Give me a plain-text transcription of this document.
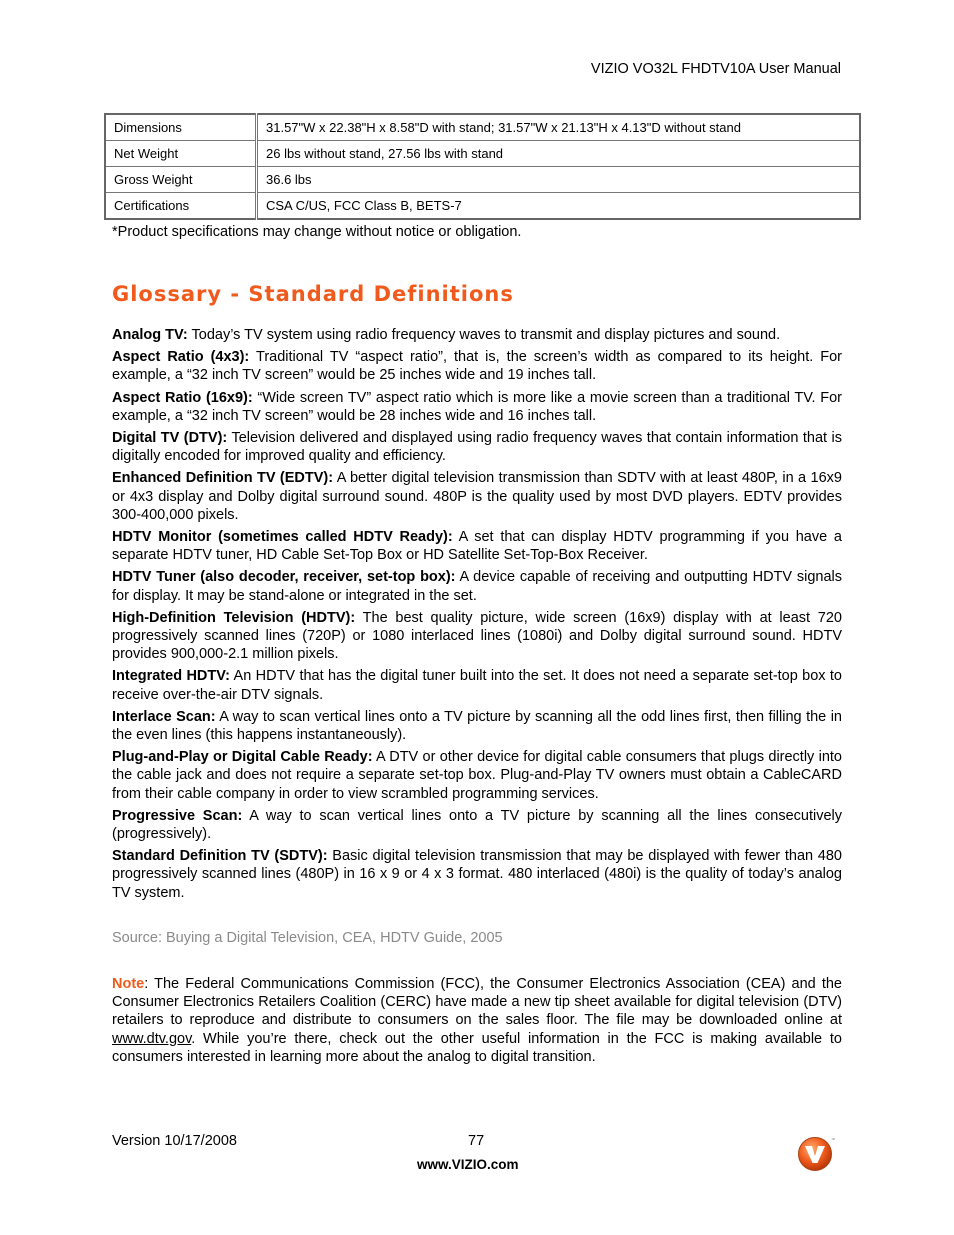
VIZIO VO32L FHDTV10A User Manual
Dimensions	31.57"W x 22.38"H x 8.58"D with stand; 31.57"W x 21.13"H x 4.13"D without stand
Net Weight	26 lbs without stand, 27.56 lbs with stand
Gross Weight	36.6 lbs
Certifications	CSA C/US, FCC Class B, BETS-7
*Product specifications may change without notice or obligation.
Glossary - Standard Definitions

Analog TV: Today’s TV system using radio frequency waves to transmit and display pictures and sound.

Aspect Ratio (4x3): Traditional TV “aspect ratio”, that is, the screen’s width as compared to its height. For example, a “32 inch TV screen” would be 25 inches wide and 19 inches tall.

Aspect Ratio (16x9): “Wide screen TV” aspect ratio which is more like a movie screen than a traditional TV. For example, a “32 inch TV screen” would be 28 inches wide and 16 inches tall.

Digital TV (DTV): Television delivered and displayed using radio frequency waves that contain information that is digitally encoded for improved quality and efficiency.

Enhanced Definition TV (EDTV): A better digital television transmission than SDTV with at least 480P, in a 16x9 or 4x3 display and Dolby digital surround sound. 480P is the quality used by most DVD players. EDTV provides 300-400,000 pixels.

HDTV Monitor (sometimes called HDTV Ready): A set that can display HDTV programming if you have a separate HDTV tuner, HD Cable Set-Top Box or HD Satellite Set-Top-Box Receiver.

HDTV Tuner (also decoder, receiver, set-top box): A device capable of receiving and outputting HDTV signals for display. It may be stand-alone or integrated in the set.

High-Definition Television (HDTV): The best quality picture, wide screen (16x9) display with at least 720 progressively scanned lines (720P) or 1080 interlaced lines (1080i) and Dolby digital surround sound. HDTV provides 900,000-2.1 million pixels.

Integrated HDTV: An HDTV that has the digital tuner built into the set. It does not need a separate set-top box to receive over-the-air DTV signals.

Interlace Scan: A way to scan vertical lines onto a TV picture by scanning all the odd lines first, then filling the in the even lines (this happens instantaneously).

Plug-and-Play or Digital Cable Ready: A DTV or other device for digital cable consumers that plugs directly into the cable jack and does not require a separate set-top box. Plug-and-Play TV owners must obtain a CableCARD from their cable company in order to view scrambled programming services.

Progressive Scan: A way to scan vertical lines onto a TV picture by scanning all the lines consecutively (progressively).

Standard Definition TV (SDTV): Basic digital television transmission that may be displayed with fewer than 480 progressively scanned lines (480P) in 16 x 9 or 4 x 3 format. 480 interlaced (480i) is the quality of today’s analog TV system.

Source: Buying a Digital Television, CEA, HDTV Guide, 2005
Note: The Federal Communications Commission (FCC), the Consumer Electronics Association (CEA) and the Consumer Electronics Retailers Coalition (CERC) have made a new tip sheet available for digital television (DTV) retailers to reproduce and distribute to consumers on the sales floor. The file may be downloaded online at www.dtv.gov. While you’re there, check out the other useful information in the FCC is making available to consumers interested in learning more about the analog to digital transition.
Version 10/17/2008	77
www.VIZIO.com
™
